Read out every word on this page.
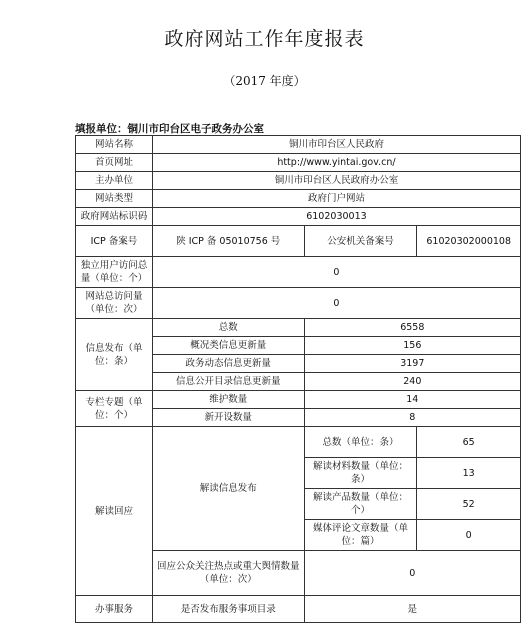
政府网站工作年度报表
（2017 年度）
填报单位：铜川市印台区电子政务办公室
网站名称	铜川市印台区人民政府		
首页网址	http://www.yintai.gov.cn/		
主办单位	铜川市印台区人民政府办公室		
网站类型	政府门户网站		
政府网站标识码	6102030013		
ICP 备案号	陕 ICP 备 05010756 号	公安机关备案号	61020302000108
独立用户访问总量（单位：个）	0		
网站总访问量（单位：次）	0		
信息发布（单位：条）	总数	6558	
	概况类信息更新量	156	
	政务动态信息更新量	3197	
	信息公开目录信息更新量	240	
专栏专题（单位：个）	维护数量	14	
	新开设数量	8	
解读回应	解读信息发布	总数（单位：条）	65
		解读材料数量（单位：条）	13
		解读产品数量（单位：个）	52
		媒体评论文章数量（单位：篇）	0
	回应公众关注热点或重大舆情数量（单位：次）	0	
办事服务	是否发布服务事项目录	是	
